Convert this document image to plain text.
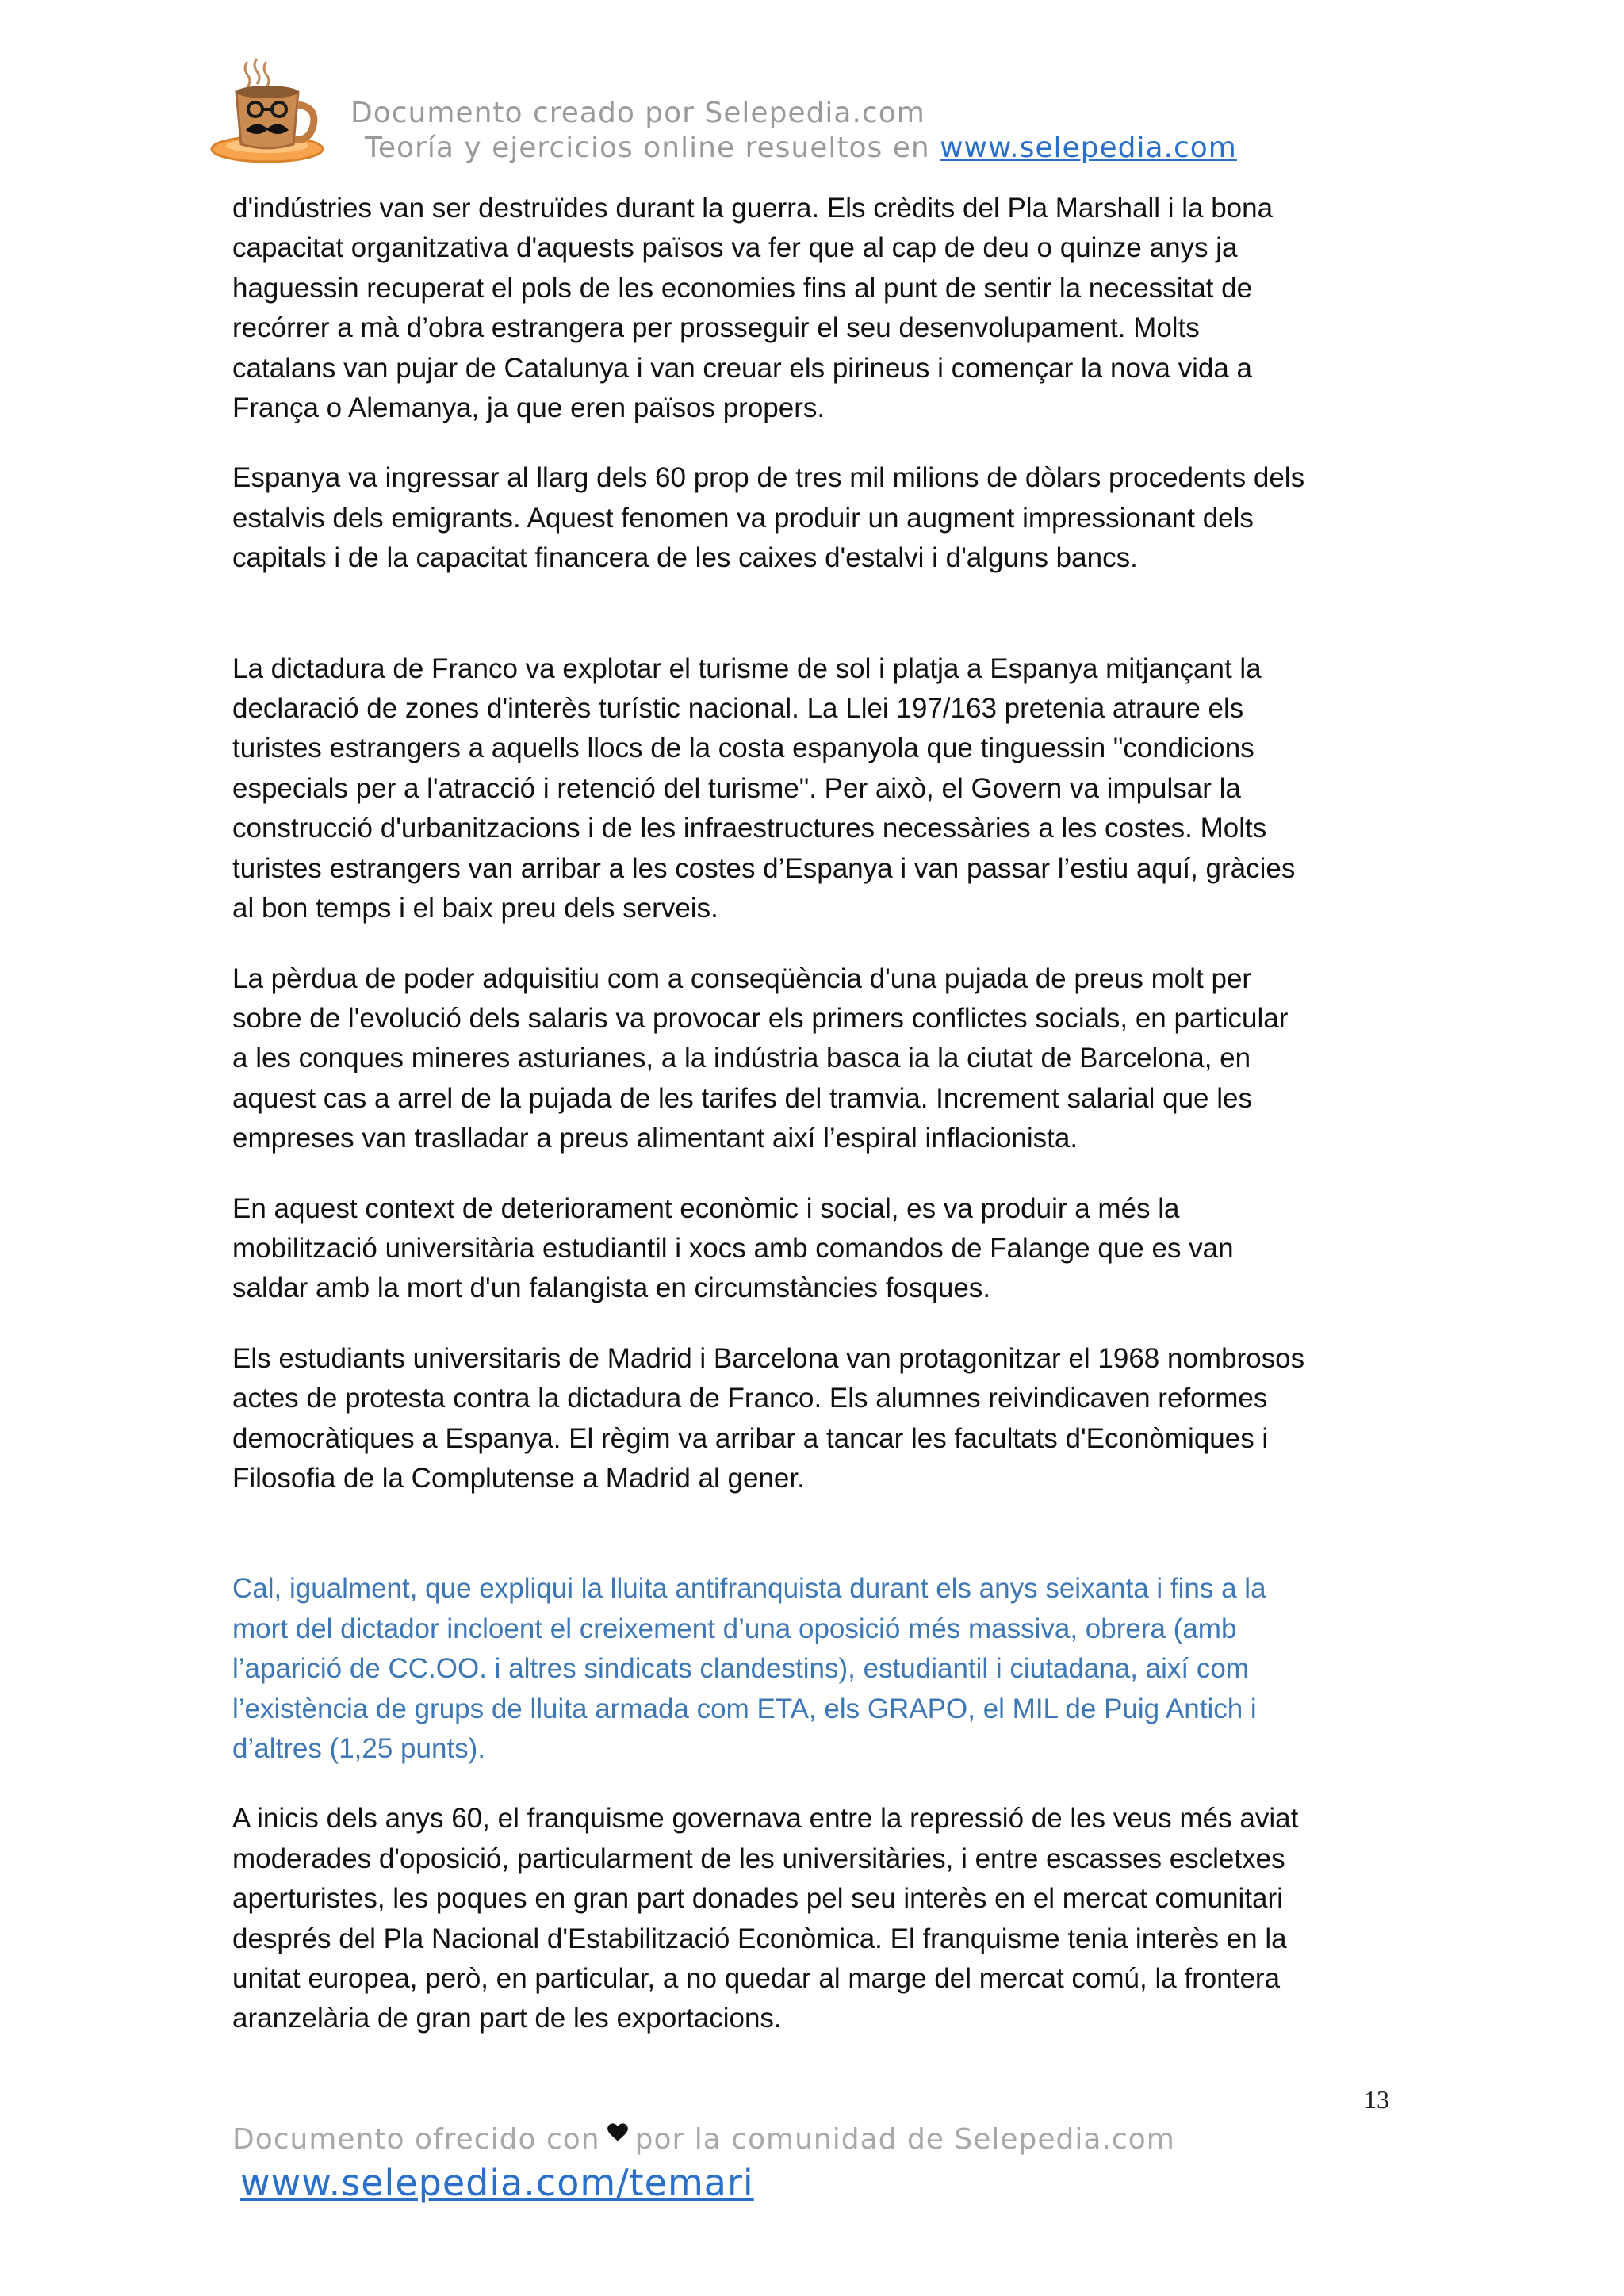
Documento creado por Selepedia.com
Teoría y ejercicios online resueltos en www.selepedia.com

d'indústries van ser destruïdes durant la guerra. Els crèdits del Pla Marshall i la bona
capacitat organitzativa d'aquests països va fer que al cap de deu o quinze anys ja
haguessin recuperat el pols de les economies fins al punt de sentir la necessitat de
recórrer a mà d’obra estrangera per prosseguir el seu desenvolupament. Molts
catalans van pujar de Catalunya i van creuar els pirineus i començar la nova vida a
França o Alemanya, ja que eren països propers.

Espanya va ingressar al llarg dels 60 prop de tres mil milions de dòlars procedents dels
estalvis dels emigrants. Aquest fenomen va produir un augment impressionant dels
capitals i de la capacitat financera de les caixes d'estalvi i d'alguns bancs.

La dictadura de Franco va explotar el turisme de sol i platja a Espanya mitjançant la
declaració de zones d'interès turístic nacional. La Llei 197/163 pretenia atraure els
turistes estrangers a aquells llocs de la costa espanyola que tinguessin "condicions
especials per a l'atracció i retenció del turisme". Per això, el Govern va impulsar la
construcció d'urbanitzacions i de les infraestructures necessàries a les costes. Molts
turistes estrangers van arribar a les costes d’Espanya i van passar l’estiu aquí, gràcies
al bon temps i el baix preu dels serveis.

La pèrdua de poder adquisitiu com a conseqüència d'una pujada de preus molt per
sobre de l'evolució dels salaris va provocar els primers conflictes socials, en particular
a les conques mineres asturianes, a la indústria basca ia la ciutat de Barcelona, en
aquest cas a arrel de la pujada de les tarifes del tramvia. Increment salarial que les
empreses van traslladar a preus alimentant així l’espiral inflacionista.

En aquest context de deteriorament econòmic i social, es va produir a més la
mobilització universitària estudiantil i xocs amb comandos de Falange que es van
saldar amb la mort d'un falangista en circumstàncies fosques.

Els estudiants universitaris de Madrid i Barcelona van protagonitzar el 1968 nombrosos
actes de protesta contra la dictadura de Franco. Els alumnes reivindicaven reformes
democràtiques a Espanya. El règim va arribar a tancar les facultats d'Econòmiques i
Filosofia de la Complutense a Madrid al gener.

Cal, igualment, que expliqui la lluita antifranquista durant els anys seixanta i fins a la
mort del dictador incloent el creixement d’una oposició més massiva, obrera (amb
l’aparició de CC.OO. i altres sindicats clandestins), estudiantil i ciutadana, així com
l’existència de grups de lluita armada com ETA, els GRAPO, el MIL de Puig Antich i
d’altres (1,25 punts).

A inicis dels anys 60, el franquisme governava entre la repressió de les veus més aviat
moderades d'oposició, particularment de les universitàries, i entre escasses escletxes
aperturistes, les poques en gran part donades pel seu interès en el mercat comunitari
després del Pla Nacional d'Estabilització Econòmica. El franquisme tenia interès en la
unitat europea, però, en particular, a no quedar al marge del mercat comú, la frontera
aranzelària de gran part de les exportacions.

13
Documento ofrecido con por la comunidad de Selepedia.com
www.selepedia.com/temari
